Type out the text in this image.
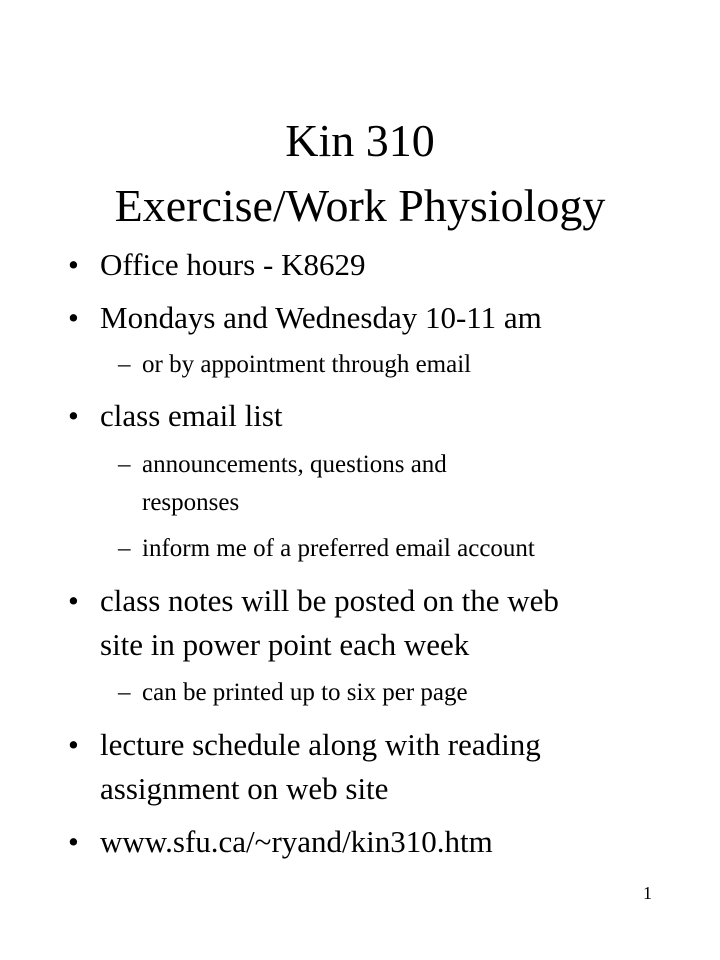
Kin 310
Exercise/Work Physiology
• Office hours - K8629
• Mondays and Wednesday 10-11 am
– or by appointment through email
• class email list
– announcements, questions and
responses
– inform me of a preferred email account
• class notes will be posted on the web
site in power point each week
– can be printed up to six per page
• lecture schedule along with reading
assignment on web site
• www.sfu.ca/~ryand/kin310.htm
1
